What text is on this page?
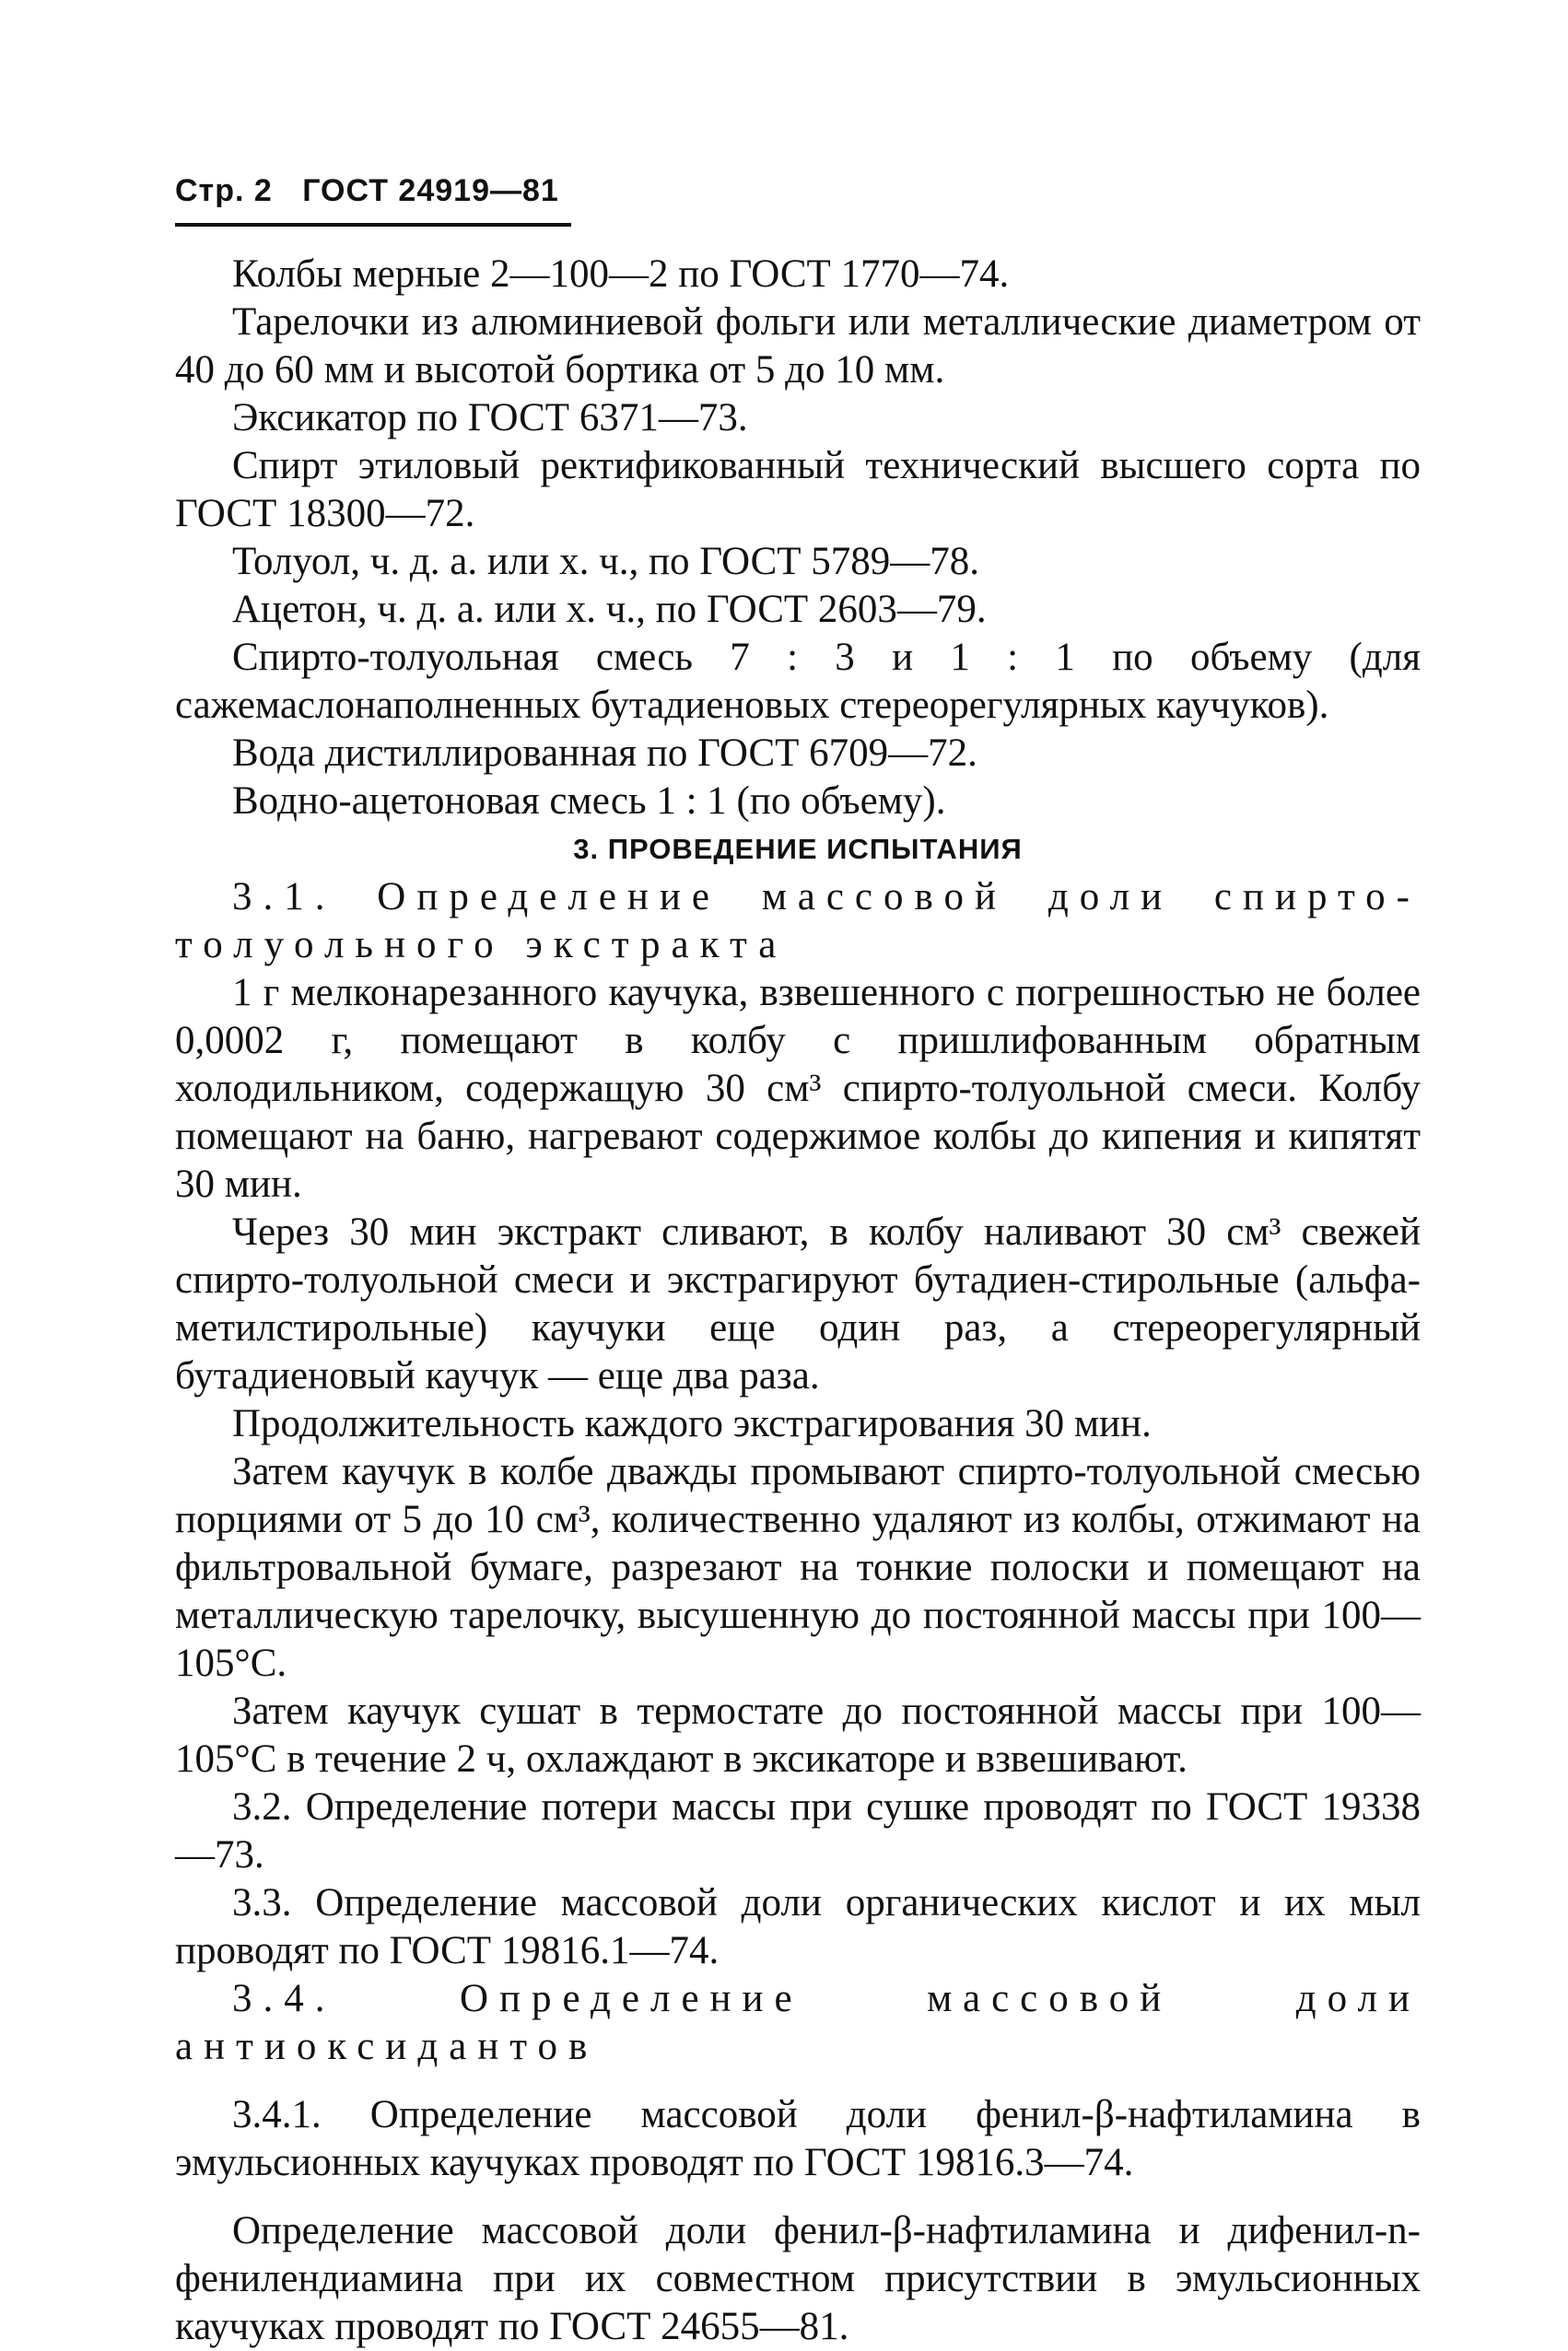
Стр. 2 ГОСТ 24919—81

Колбы мерные 2—100—2 по ГОСТ 1770—74.

Тарелочки из алюминиевой фольги или металлические диаметром от 40 до 60 мм и высотой бортика от 5 до 10 мм.

Эксикатор по ГОСТ 6371—73.

Спирт этиловый ректификованный технический высшего сорта по ГОСТ 18300—72.

Толуол, ч. д. а. или х. ч., по ГОСТ 5789—78.

Ацетон, ч. д. а. или х. ч., по ГОСТ 2603—79.

Спирто-толуольная смесь 7 : 3 и 1 : 1 по объему (для сажемаслонаполненных бутадиеновых стереорегулярных каучуков).

Вода дистиллированная по ГОСТ 6709—72.

Водно-ацетоновая смесь 1 : 1 (по объему).

3. ПРОВЕДЕНИЕ ИСПЫТАНИЯ

3.1. Определение массовой доли спирто-толуольного экстракта

1 г мелконарезанного каучука, взвешенного с погрешностью не более 0,0002 г, помещают в колбу с пришлифованным обратным холодильником, содержащую 30 см³ спирто-толуольной смеси. Колбу помещают на баню, нагревают содержимое колбы до кипения и кипятят 30 мин.

Через 30 мин экстракт сливают, в колбу наливают 30 см³ свежей спирто-толуольной смеси и экстрагируют бутадиен-стирольные (альфа-метилстирольные) каучуки еще один раз, а стереорегулярный бутадиеновый каучук — еще два раза.

Продолжительность каждого экстрагирования 30 мин.

Затем каучук в колбе дважды промывают спирто-толуольной смесью порциями от 5 до 10 см³, количественно удаляют из колбы, отжимают на фильтровальной бумаге, разрезают на тонкие полоски и помещают на металлическую тарелочку, высушенную до постоянной массы при 100—105°С.

Затем каучук сушат в термостате до постоянной массы при 100—105°С в течение 2 ч, охлаждают в эксикаторе и взвешивают.

3.2. Определение потери массы при сушке проводят по ГОСТ 19338—73.

3.3. Определение массовой доли органических кислот и их мыл проводят по ГОСТ 19816.1—74.

3.4. Определение массовой доли антиоксидантов

3.4.1. Определение массовой доли фенил-β-нафтиламина в эмульсионных каучуках проводят по ГОСТ 19816.3—74.

Определение массовой доли фенил-β-нафтиламина и дифенил-n-фенилендиамина при их совместном присутствии в эмульсионных каучуках проводят по ГОСТ 24655—81.
